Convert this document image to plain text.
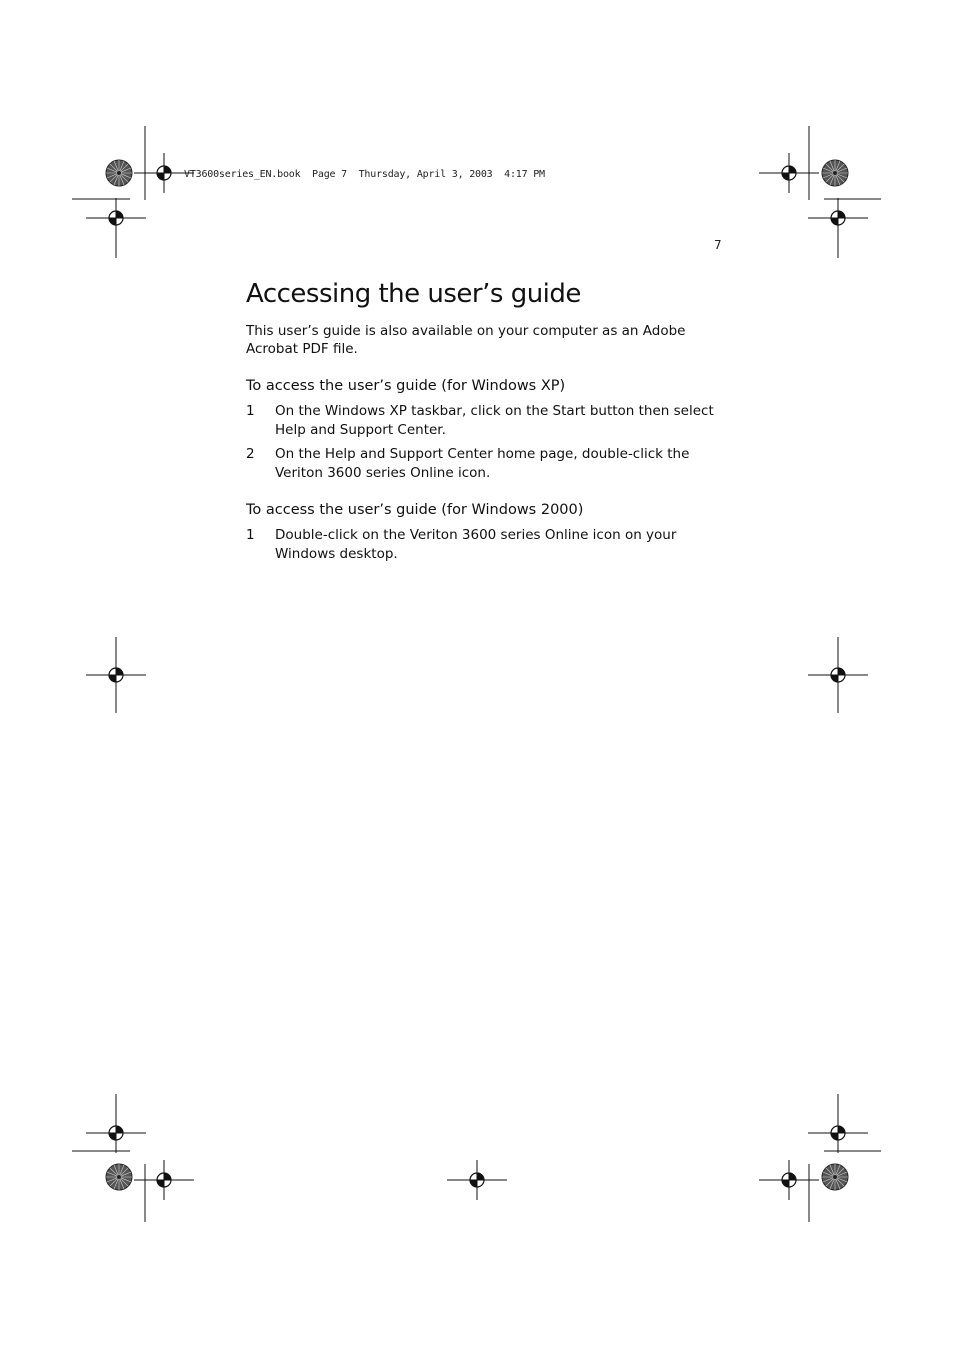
VT3600series_EN.book  Page 7  Thursday, April 3, 2003  4:17 PM
7
Accessing the user’s guide

This user’s guide is also available on your computer as an Adobe Acrobat PDF file.

To access the user’s guide (for Windows XP)
1	On the Windows XP taskbar, click on the Start button then select Help and Support Center.
2	On the Help and Support Center home page, double-click the Veriton 3600 series Online icon.
To access the user’s guide (for Windows 2000)
1	Double-click on the Veriton 3600 series Online icon on your Windows desktop.
